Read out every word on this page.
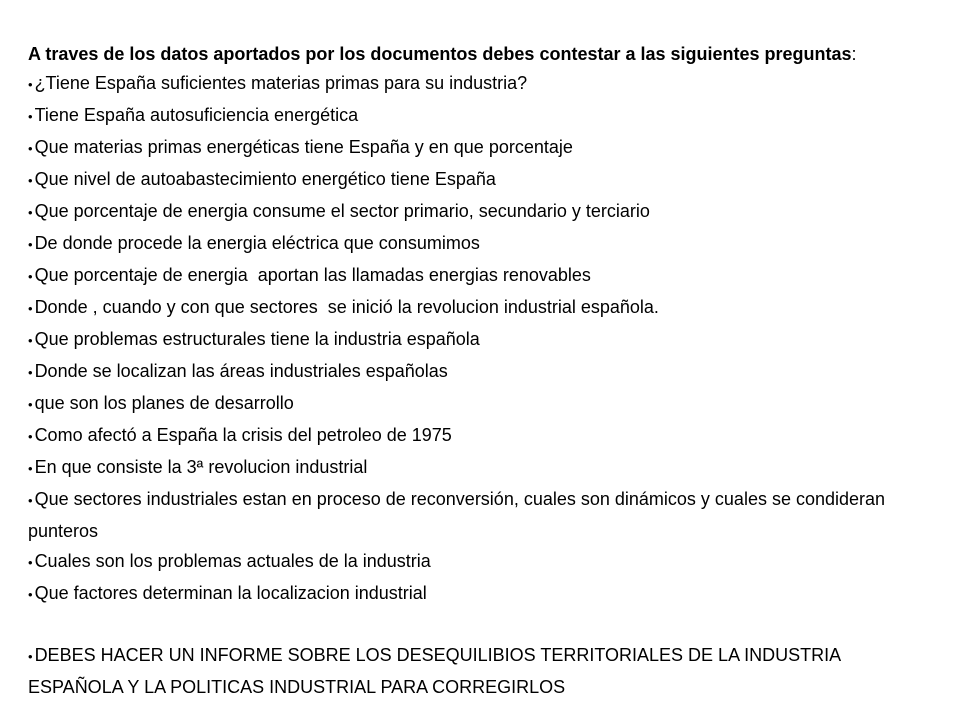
A traves de los datos aportados por los documentos debes contestar a las siguientes preguntas:

• ¿Tiene España suficientes materias primas para su industria?
• Tiene España autosuficiencia energética
• Que materias primas energéticas tiene España y en que porcentaje
• Que nivel de autoabastecimiento energético tiene España
• Que porcentaje de energia consume el sector primario, secundario y terciario
• De donde procede la energia eléctrica que consumimos
• Que porcentaje de energia  aportan las llamadas energias renovables
• Donde , cuando y con que sectores  se inició la revolucion industrial española.
• Que problemas estructurales tiene la industria española
• Donde se localizan las áreas industriales españolas
• que son los planes de desarrollo
• Como afectó a España la crisis del petroleo de 1975
• En que consiste la 3ª revolucion industrial
• Que sectores industriales estan en proceso de reconversión, cuales son dinámicos y cuales se condideran punteros
• Cuales son los problemas actuales de la industria
• Que factores determinan la localizacion industrial
• DEBES HACER UN INFORME SOBRE LOS DESEQUILIBIOS TERRITORIALES DE LA INDUSTRIA ESPAÑOLA Y LA POLITICAS INDUSTRIAL PARA CORREGIRLOS
